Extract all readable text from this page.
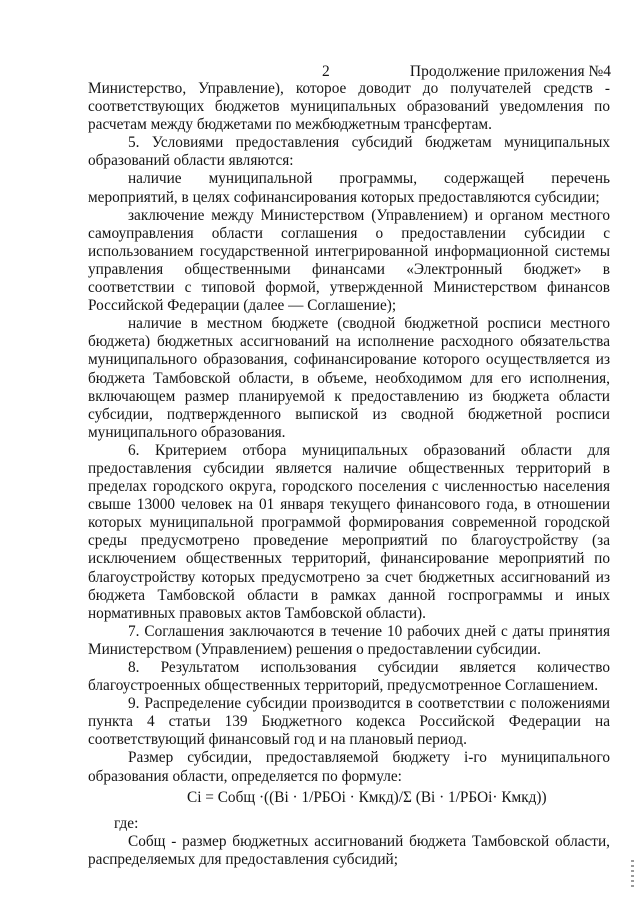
2	Продолжение приложения №4

Министерство, Управление), которое доводит до получателей средств - соответствующих бюджетов муниципальных образований уведомления по расчетам между бюджетами по межбюджетным трансфертам.

5. Условиями предоставления субсидий бюджетам муниципальных образований области являются:

наличие муниципальной программы, содержащей перечень мероприятий, в целях софинансирования которых предоставляются субсидии;

заключение между Министерством (Управлением) и органом местного самоуправления области соглашения о предоставлении субсидии с использованием государственной интегрированной информационной системы управления общественными финансами «Электронный бюджет» в соответствии с типовой формой, утвержденной Министерством финансов Российской Федерации (далее — Соглашение);

наличие в местном бюджете (сводной бюджетной росписи местного бюджета) бюджетных ассигнований на исполнение расходного обязательства муниципального образования, софинансирование которого осуществляется из бюджета Тамбовской области, в объеме, необходимом для его исполнения, включающем размер планируемой к предоставлению из бюджета области субсидии, подтвержденного выпиской из сводной бюджетной росписи муниципального образования.

6. Критерием отбора муниципальных образований области для предоставления субсидии является наличие общественных территорий в пределах городского округа, городского поселения с численностью населения свыше 13000 человек на 01 января текущего финансового года, в отношении которых муниципальной программой формирования современной городской среды предусмотрено проведение мероприятий по благоустройству (за исключением общественных территорий, финансирование мероприятий по благоустройству которых предусмотрено за счет бюджетных ассигнований из бюджета Тамбовской области в рамках данной госпрограммы и иных нормативных правовых актов Тамбовской области).

7. Соглашения заключаются в течение 10 рабочих дней с даты принятия Министерством (Управлением) решения о предоставлении субсидии.

8. Результатом использования субсидии является количество благоустроенных общественных территорий, предусмотренное Соглашением.

9. Распределение субсидии производится в соответствии с положениями пункта 4 статьи 139 Бюджетного кодекса Российской Федерации на соответствующий финансовый год и на плановый период.

Размер субсидии, предоставляемой бюджету i-го муниципального образования области, определяется по формуле:

Ci = Cобщ ·((Bi · 1/РБОi · Кмкд)/Σ (Bi · 1/РБОi· Кмкд))

где:

Cобщ - размер бюджетных ассигнований бюджета Тамбовской области, распределяемых для предоставления субсидий;
